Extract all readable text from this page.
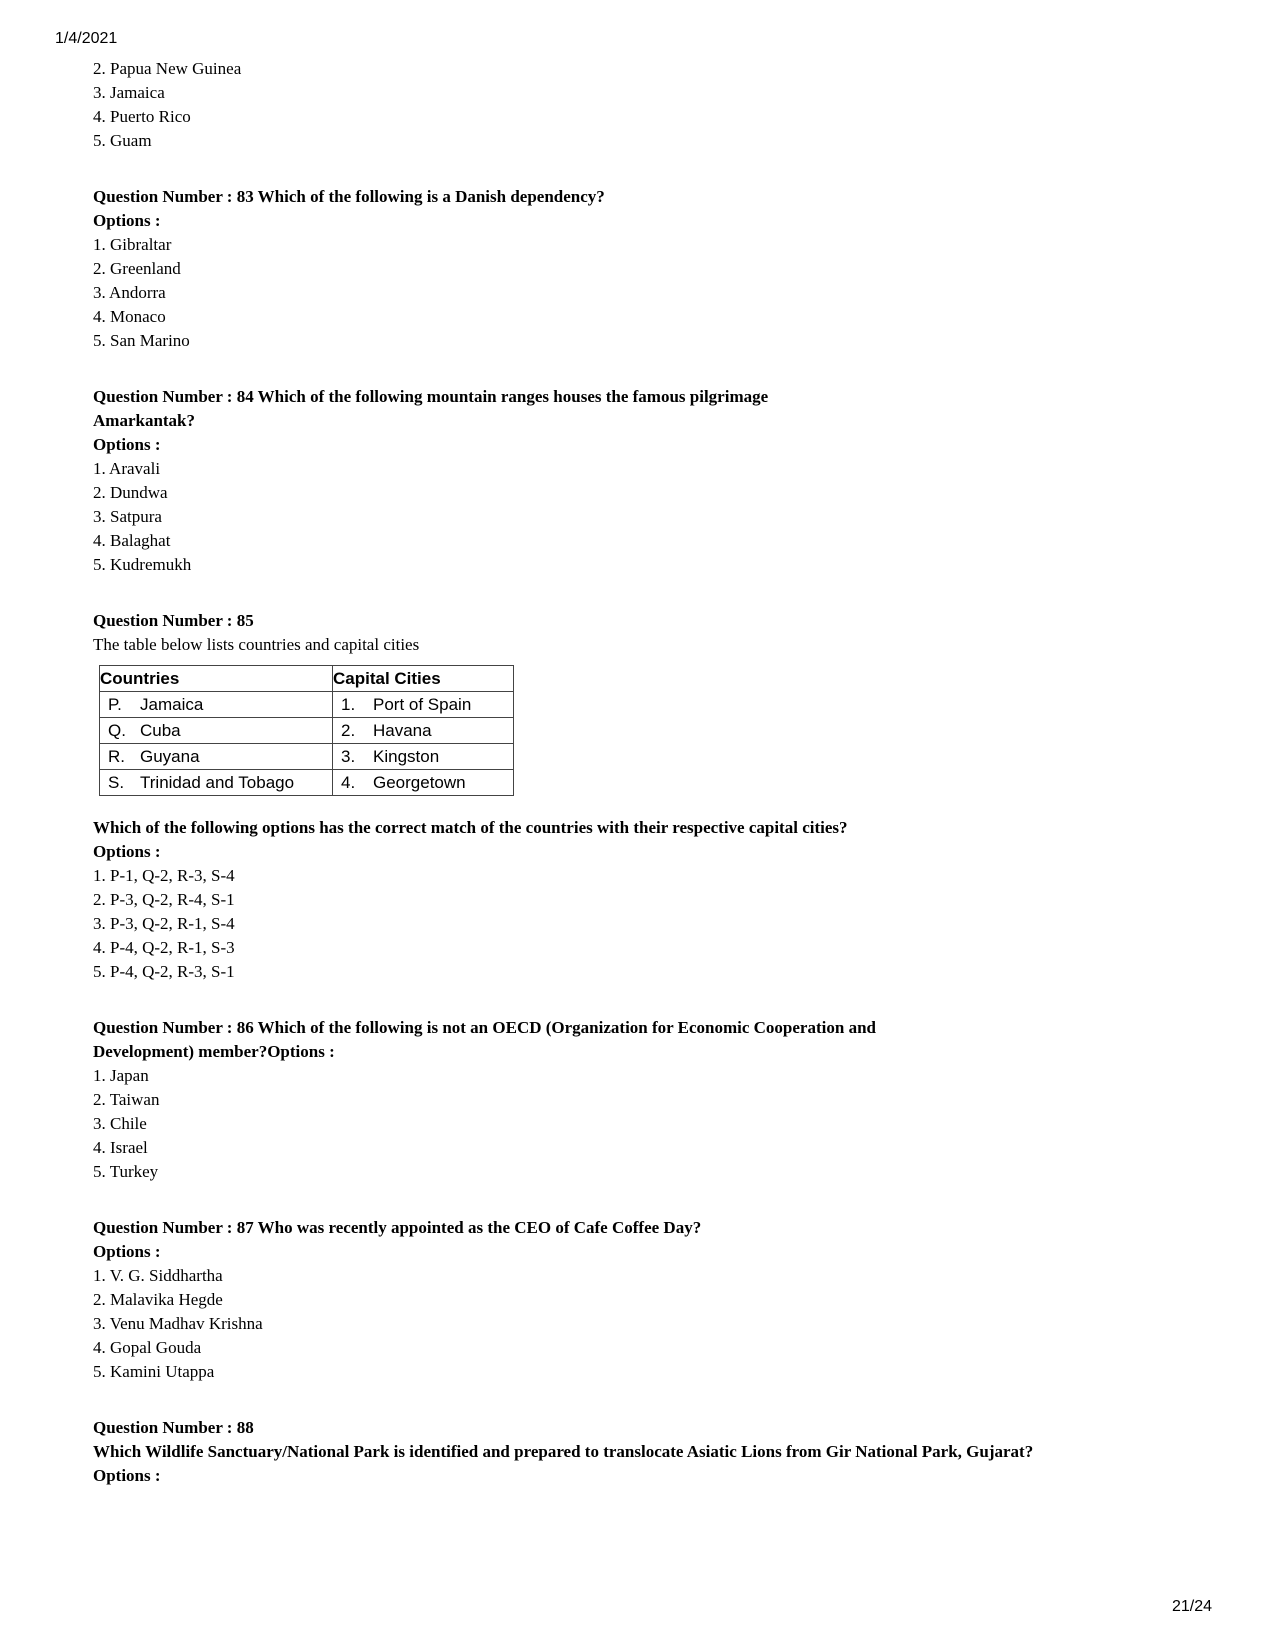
1/4/2021
2. Papua New Guinea
3. Jamaica
4. Puerto Rico
5. Guam
Question Number : 83 Which of the following is a Danish dependency?
Options :
1. Gibraltar
2. Greenland
3. Andorra
4. Monaco
5. San Marino
Question Number : 84 Which of the following mountain ranges houses the famous pilgrimage
Amarkantak?
Options :
1. Aravali
2. Dundwa
3. Satpura
4. Balaghat
5. Kudremukh
Question Number : 85
The table below lists countries and capital cities
Countries	Capital Cities
P. Jamaica	1. Port of Spain
Q. Cuba	2. Havana
R. Guyana	3. Kingston
S. Trinidad and Tobago	4. Georgetown
Which of the following options has the correct match of the countries with their respective capital cities?
Options :
1. P-1, Q-2, R-3, S-4
2. P-3, Q-2, R-4, S-1
3. P-3, Q-2, R-1, S-4
4. P-4, Q-2, R-1, S-3
5. P-4, Q-2, R-3, S-1
Question Number : 86 Which of the following is not an OECD (Organization for Economic Cooperation and
Development) member?Options :
1. Japan
2. Taiwan
3. Chile
4. Israel
5. Turkey
Question Number : 87 Who was recently appointed as the CEO of Cafe Coffee Day?
Options :
1. V. G. Siddhartha
2. Malavika Hegde
3. Venu Madhav Krishna
4. Gopal Gouda
5. Kamini Utappa
Question Number : 88
Which Wildlife Sanctuary/National Park is identified and prepared to translocate Asiatic Lions from Gir National Park, Gujarat?
Options :
21/24
